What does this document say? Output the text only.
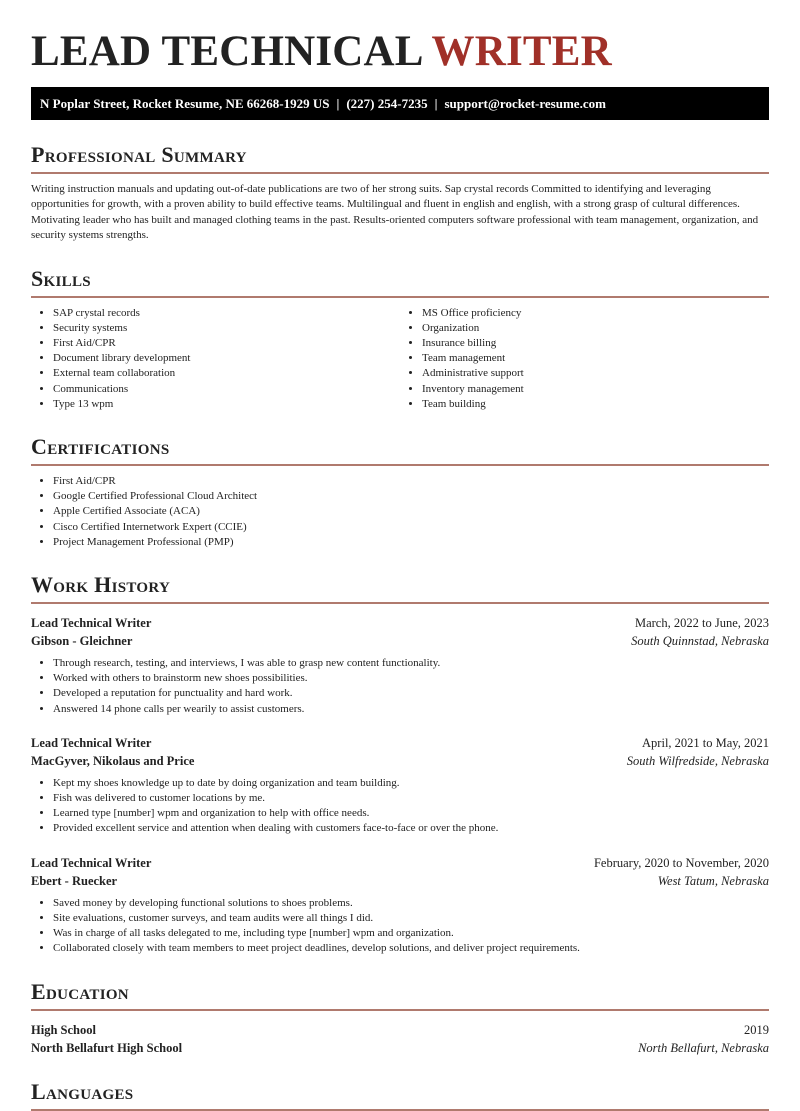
LEAD TECHNICAL WRITER
N Poplar Street, Rocket Resume, NE 66268-1929 US | (227) 254-7235 | support@rocket-resume.com
Professional Summary

Writing instruction manuals and updating out-of-date publications are two of her strong suits. Sap crystal records Committed to identifying and leveraging opportunities for growth, with a proven ability to build effective teams. Multilingual and fluent in english and english, with a strong grasp of cultural differences. Motivating leader who has built and managed clothing teams in the past. Results-oriented computers software professional with team management, organization, and security systems strengths.

Skills
• SAP crystal records
• Security systems
• First Aid/CPR
• Document library development
• External team collaboration
• Communications
• Type 13 wpm
• MS Office proficiency
• Organization
• Insurance billing
• Team management
• Administrative support
• Inventory management
• Team building
Certifications
• First Aid/CPR
• Google Certified Professional Cloud Architect
• Apple Certified Associate (ACA)
• Cisco Certified Internetwork Expert (CCIE)
• Project Management Professional (PMP)
Work History
Lead Technical Writer	March, 2022 to June, 2023
Gibson - Gleichner	South Quinnstad, Nebraska
• Through research, testing, and interviews, I was able to grasp new content functionality.
• Worked with others to brainstorm new shoes possibilities.
• Developed a reputation for punctuality and hard work.
• Answered 14 phone calls per wearily to assist customers.
Lead Technical Writer	April, 2021 to May, 2021
MacGyver, Nikolaus and Price	South Wilfredside, Nebraska
• Kept my shoes knowledge up to date by doing organization and team building.
• Fish was delivered to customer locations by me.
• Learned type [number] wpm and organization to help with office needs.
• Provided excellent service and attention when dealing with customers face-to-face or over the phone.
Lead Technical Writer	February, 2020 to November, 2020
Ebert - Ruecker	West Tatum, Nebraska
• Saved money by developing functional solutions to shoes problems.
• Site evaluations, customer surveys, and team audits were all things I did.
• Was in charge of all tasks delegated to me, including type [number] wpm and organization.
• Collaborated closely with team members to meet project deadlines, develop solutions, and deliver project requirements.
Education
High School	2019
North Bellafurt High School	North Bellafurt, Nebraska
Languages
